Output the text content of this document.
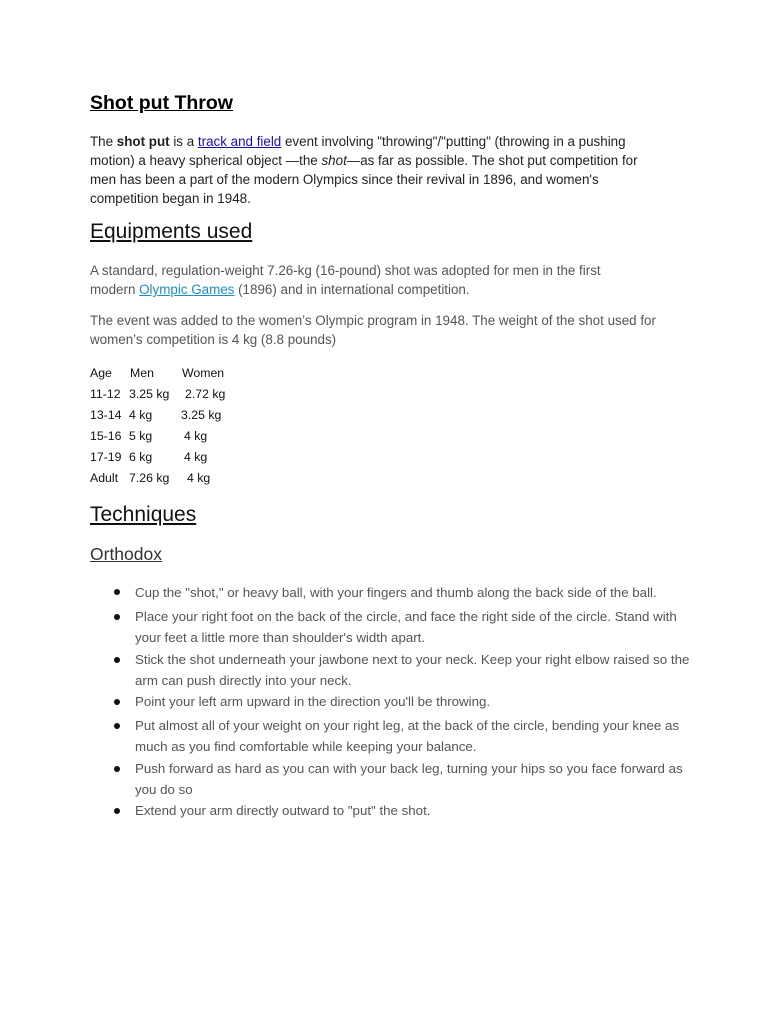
Shot put Throw
The shot put is a track and field event involving "throwing"/"putting" (throwing in a pushing
motion) a heavy spherical object —the shot—as far as possible. The shot put competition for
men has been a part of the modern Olympics since their revival in 1896, and women's
competition began in 1948.
Equipments used
A standard, regulation-weight 7.26-kg (16-pound) shot was adopted for men in the first
modern Olympic Games (1896) and in international competition.
The event was added to the women’s Olympic program in 1948. The weight of the shot used for
women’s competition is 4 kg (8.8 pounds)
Age Men Women
11-12 3.25 kg 2.72 kg
13-14 4 kg 3.25 kg
15-16 5 kg	4 kg
17-19 6 kg	4 kg
Adult 7.26 kg 4 kg
Techniques
Orthodox
Cup the "shot," or heavy ball, with your fingers and thumb along the back side of the ball.
Place your right foot on the back of the circle, and face the right side of the circle. Stand with your feet a little more than shoulder's width apart.
Stick the shot underneath your jawbone next to your neck. Keep your right elbow raised so the arm can push directly into your neck.
Point your left arm upward in the direction you'll be throwing.
Put almost all of your weight on your right leg, at the back of the circle, bending your knee as much as you find comfortable while keeping your balance.
Push forward as hard as you can with your back leg, turning your hips so you face forward as you do so
Extend your arm directly outward to "put" the shot.
